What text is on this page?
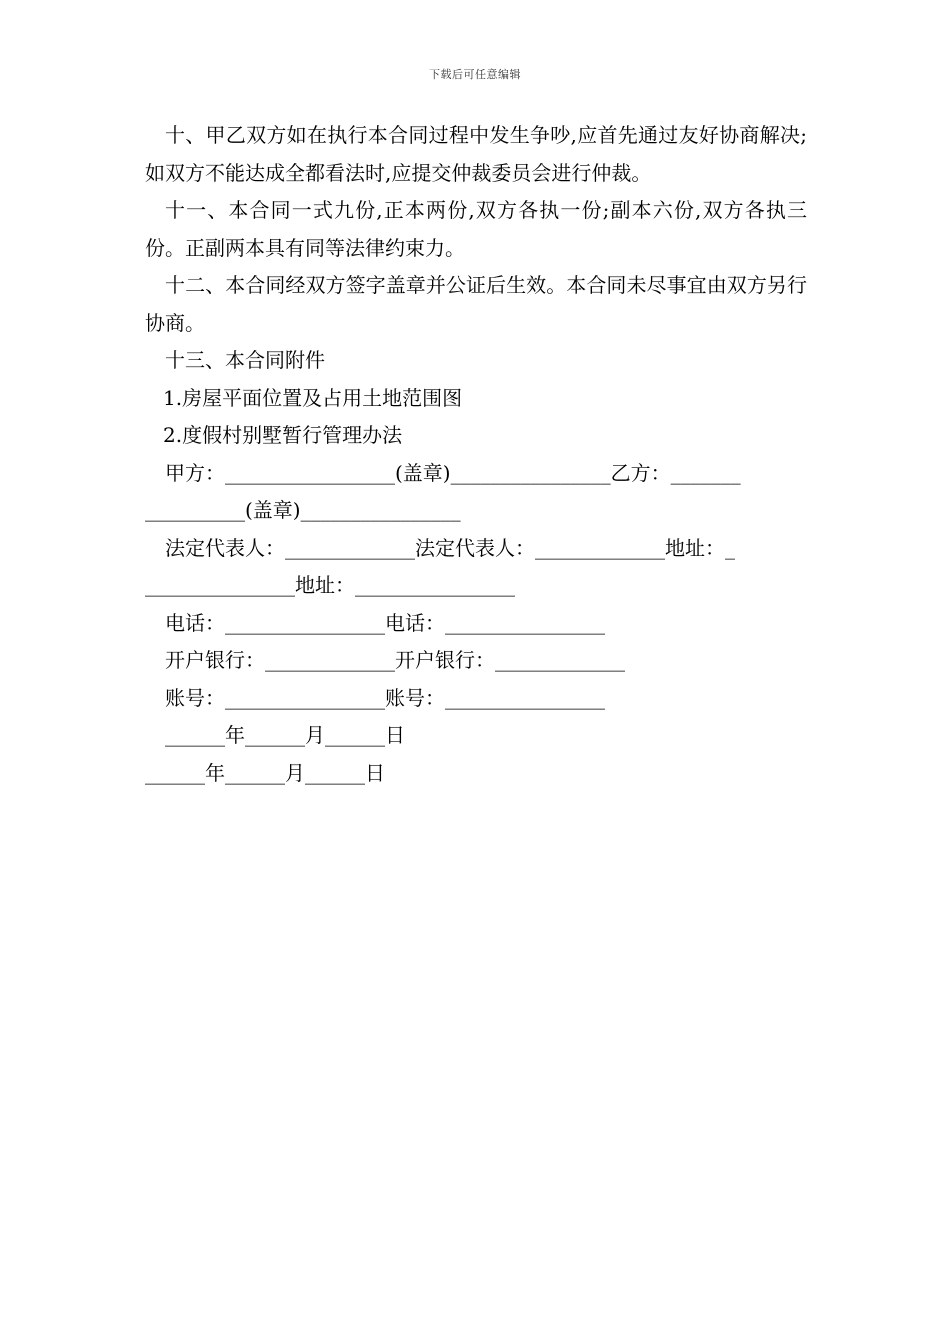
下载后可任意编辑

十、甲乙双方如在执行本合同过程中发生争吵,应首先通过友好协商解决;如双方不能达成全都看法时,应提交仲裁委员会进行仲裁。

十一、本合同一式九份,正本两份,双方各执一份;副本六份,双方各执三份。正副两本具有同等法律约束力。

十二、本合同经双方签字盖章并公证后生效。本合同未尽事宜由双方另行协商。

十三、本合同附件

1.房屋平面位置及占用土地范围图

2.度假村别墅暂行管理办法

甲方：_________________(盖章)________________乙方：_______

__________(盖章)________________

法定代表人：_____________法定代表人：_____________地址：_

_______________地址：________________

电话：________________电话：________________

开户银行：_____________开户银行：_____________

账号：________________账号：________________

______年______月______日

______年______月______日
